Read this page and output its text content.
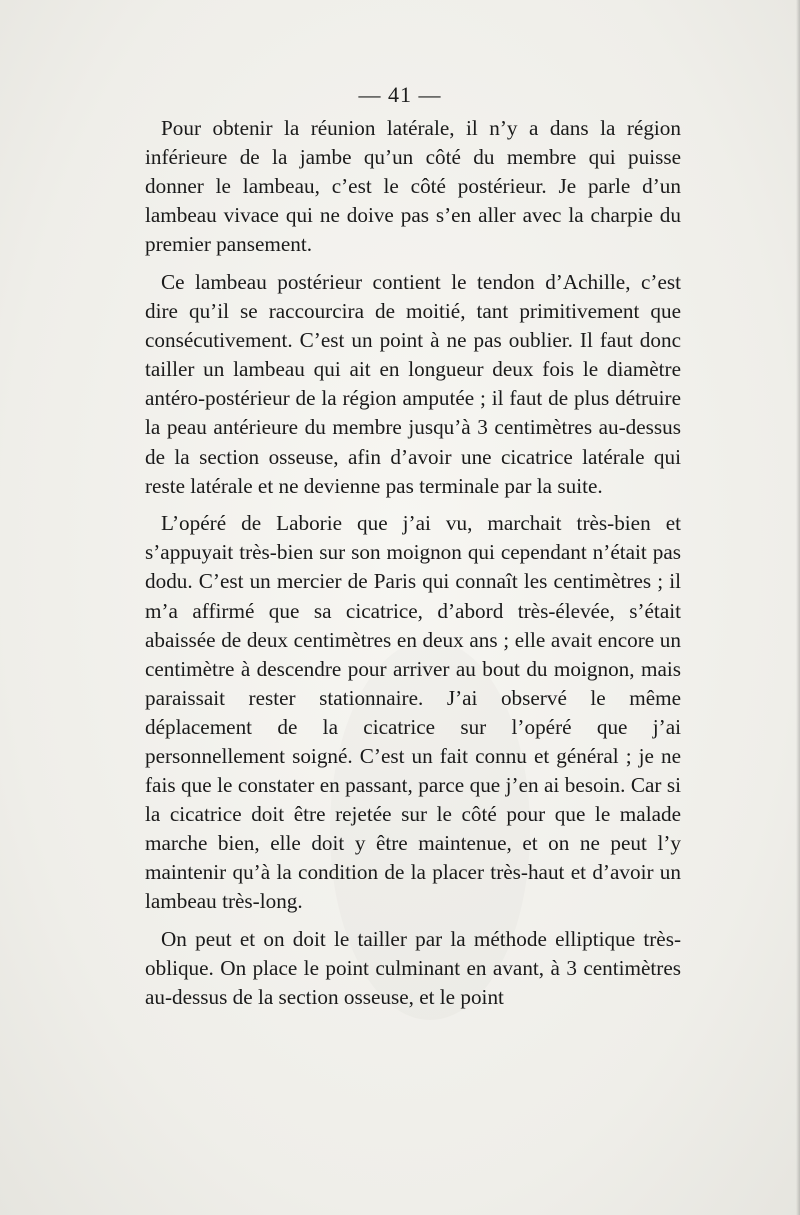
— 41 —

Pour obtenir la réunion latérale, il n’y a dans la région inférieure de la jambe qu’un côté du membre qui puisse donner le lambeau, c’est le côté postérieur. Je parle d’un lambeau vivace qui ne doive pas s’en aller avec la charpie du premier pansement.

Ce lambeau postérieur contient le tendon d’Achille, c’est dire qu’il se raccourcira de moitié, tant primitivement que consécutivement. C’est un point à ne pas oublier. Il faut donc tailler un lambeau qui ait en longueur deux fois le diamètre antéro-postérieur de la région amputée ; il faut de plus détruire la peau antérieure du membre jusqu’à 3 centimètres au-dessus de la section osseuse, afin d’avoir une cicatrice latérale qui reste latérale et ne devienne pas terminale par la suite.

L’opéré de Laborie que j’ai vu, marchait très-bien et s’appuyait très-bien sur son moignon qui cependant n’était pas dodu. C’est un mercier de Paris qui connaît les centimètres ; il m’a affirmé que sa cicatrice, d’abord très-élevée, s’était abaissée de deux centimètres en deux ans ; elle avait encore un centimètre à descendre pour arriver au bout du moignon, mais paraissait rester stationnaire. J’ai observé le même déplacement de la cicatrice sur l’opéré que j’ai personnellement soigné. C’est un fait connu et général ; je ne fais que le constater en passant, parce que j’en ai besoin. Car si la cicatrice doit être rejetée sur le côté pour que le malade marche bien, elle doit y être maintenue, et on ne peut l’y maintenir qu’à la condition de la placer très-haut et d’avoir un lambeau très-long.

On peut et on doit le tailler par la méthode elliptique très-oblique. On place le point culminant en avant, à 3 centimètres au-dessus de la section osseuse, et le point
